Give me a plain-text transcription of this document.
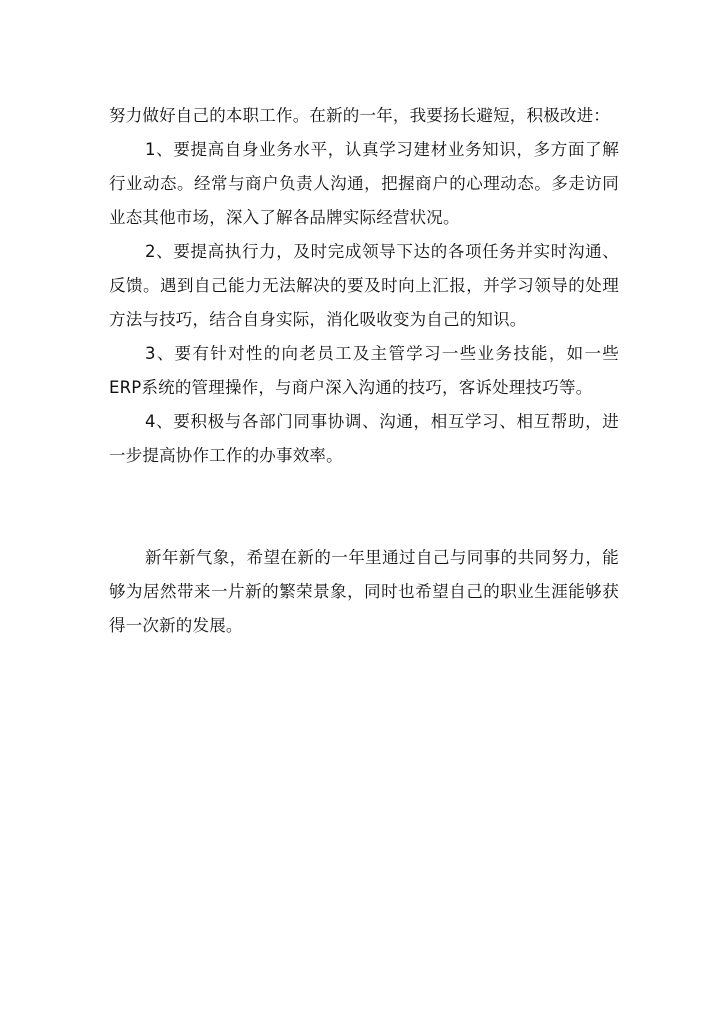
努力做好自己的本职工作。在新的一年，我要扬长避短，积极改进：

1、要提高自身业务水平，认真学习建材业务知识，多方面了解行业动态。经常与商户负责人沟通，把握商户的心理动态。多走访同业态其他市场，深入了解各品牌实际经营状况。

2、要提高执行力，及时完成领导下达的各项任务并实时沟通、反馈。遇到自己能力无法解决的要及时向上汇报，并学习领导的处理方法与技巧，结合自身实际，消化吸收变为自己的知识。

3、要有针对性的向老员工及主管学习一些业务技能，如一些ERP系统的管理操作，与商户深入沟通的技巧，客诉处理技巧等。

4、要积极与各部门同事协调、沟通，相互学习、相互帮助，进一步提高协作工作的办事效率。

新年新气象，希望在新的一年里通过自己与同事的共同努力，能够为居然带来一片新的繁荣景象，同时也希望自己的职业生涯能够获得一次新的发展。
